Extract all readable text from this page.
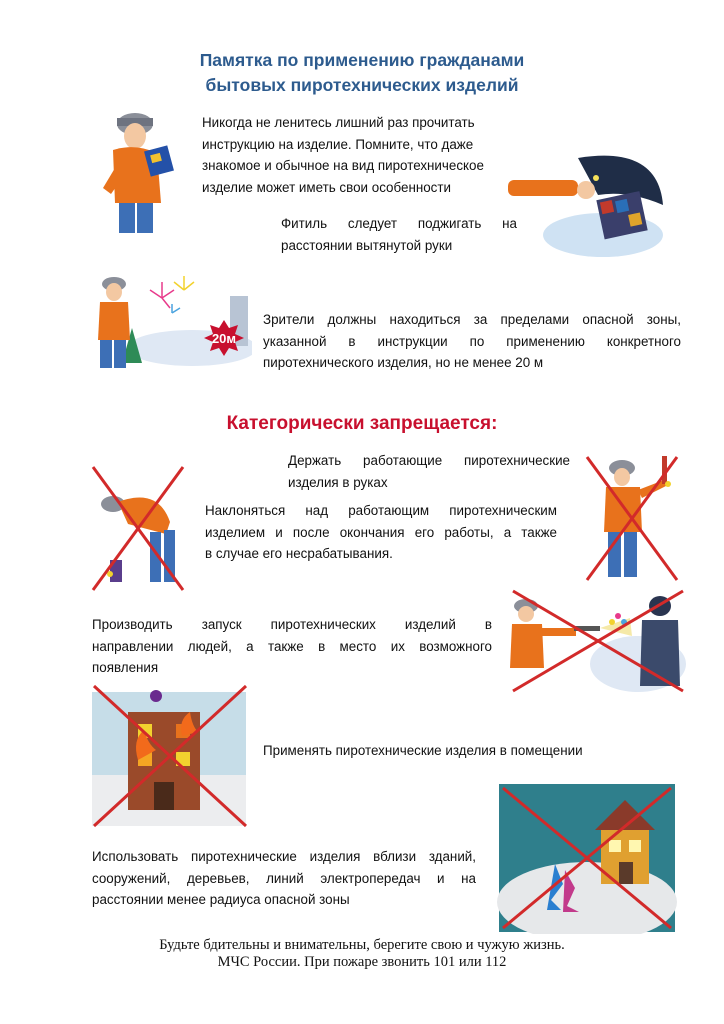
Памятка по применению гражданами
бытовых пиротехнических изделий
Никогда не ленитесь лишний раз прочитать
инструкцию на изделие. Помните, что даже
знакомое и обычное на вид пиротехническое
изделие может иметь свои особенности
Фитиль следует поджигать на
расстоянии вытянутой руки
20м
Зрители должны находиться за пределами опасной зоны,
указанной в инструкции по применению конкретного
пиротехнического изделия, но не менее 20 м
Категорически запрещается:
Держать работающие пиротехнические
изделия в руках
Наклоняться над работающим пиротехническим
изделием и после окончания его работы, а также
в случае его несрабатывания.
Производить запуск пиротехнических изделий в
направлении людей, а также в место их возможного
появления
Применять пиротехнические изделия в помещении
Использовать пиротехнические изделия вблизи зданий,
сооружений, деревьев, линий электропередач и на
расстоянии менее радиуса опасной зоны
Будьте бдительны и внимательны, берегите свою и чужую жизнь.
МЧС России. При пожаре звонить 101 или 112
